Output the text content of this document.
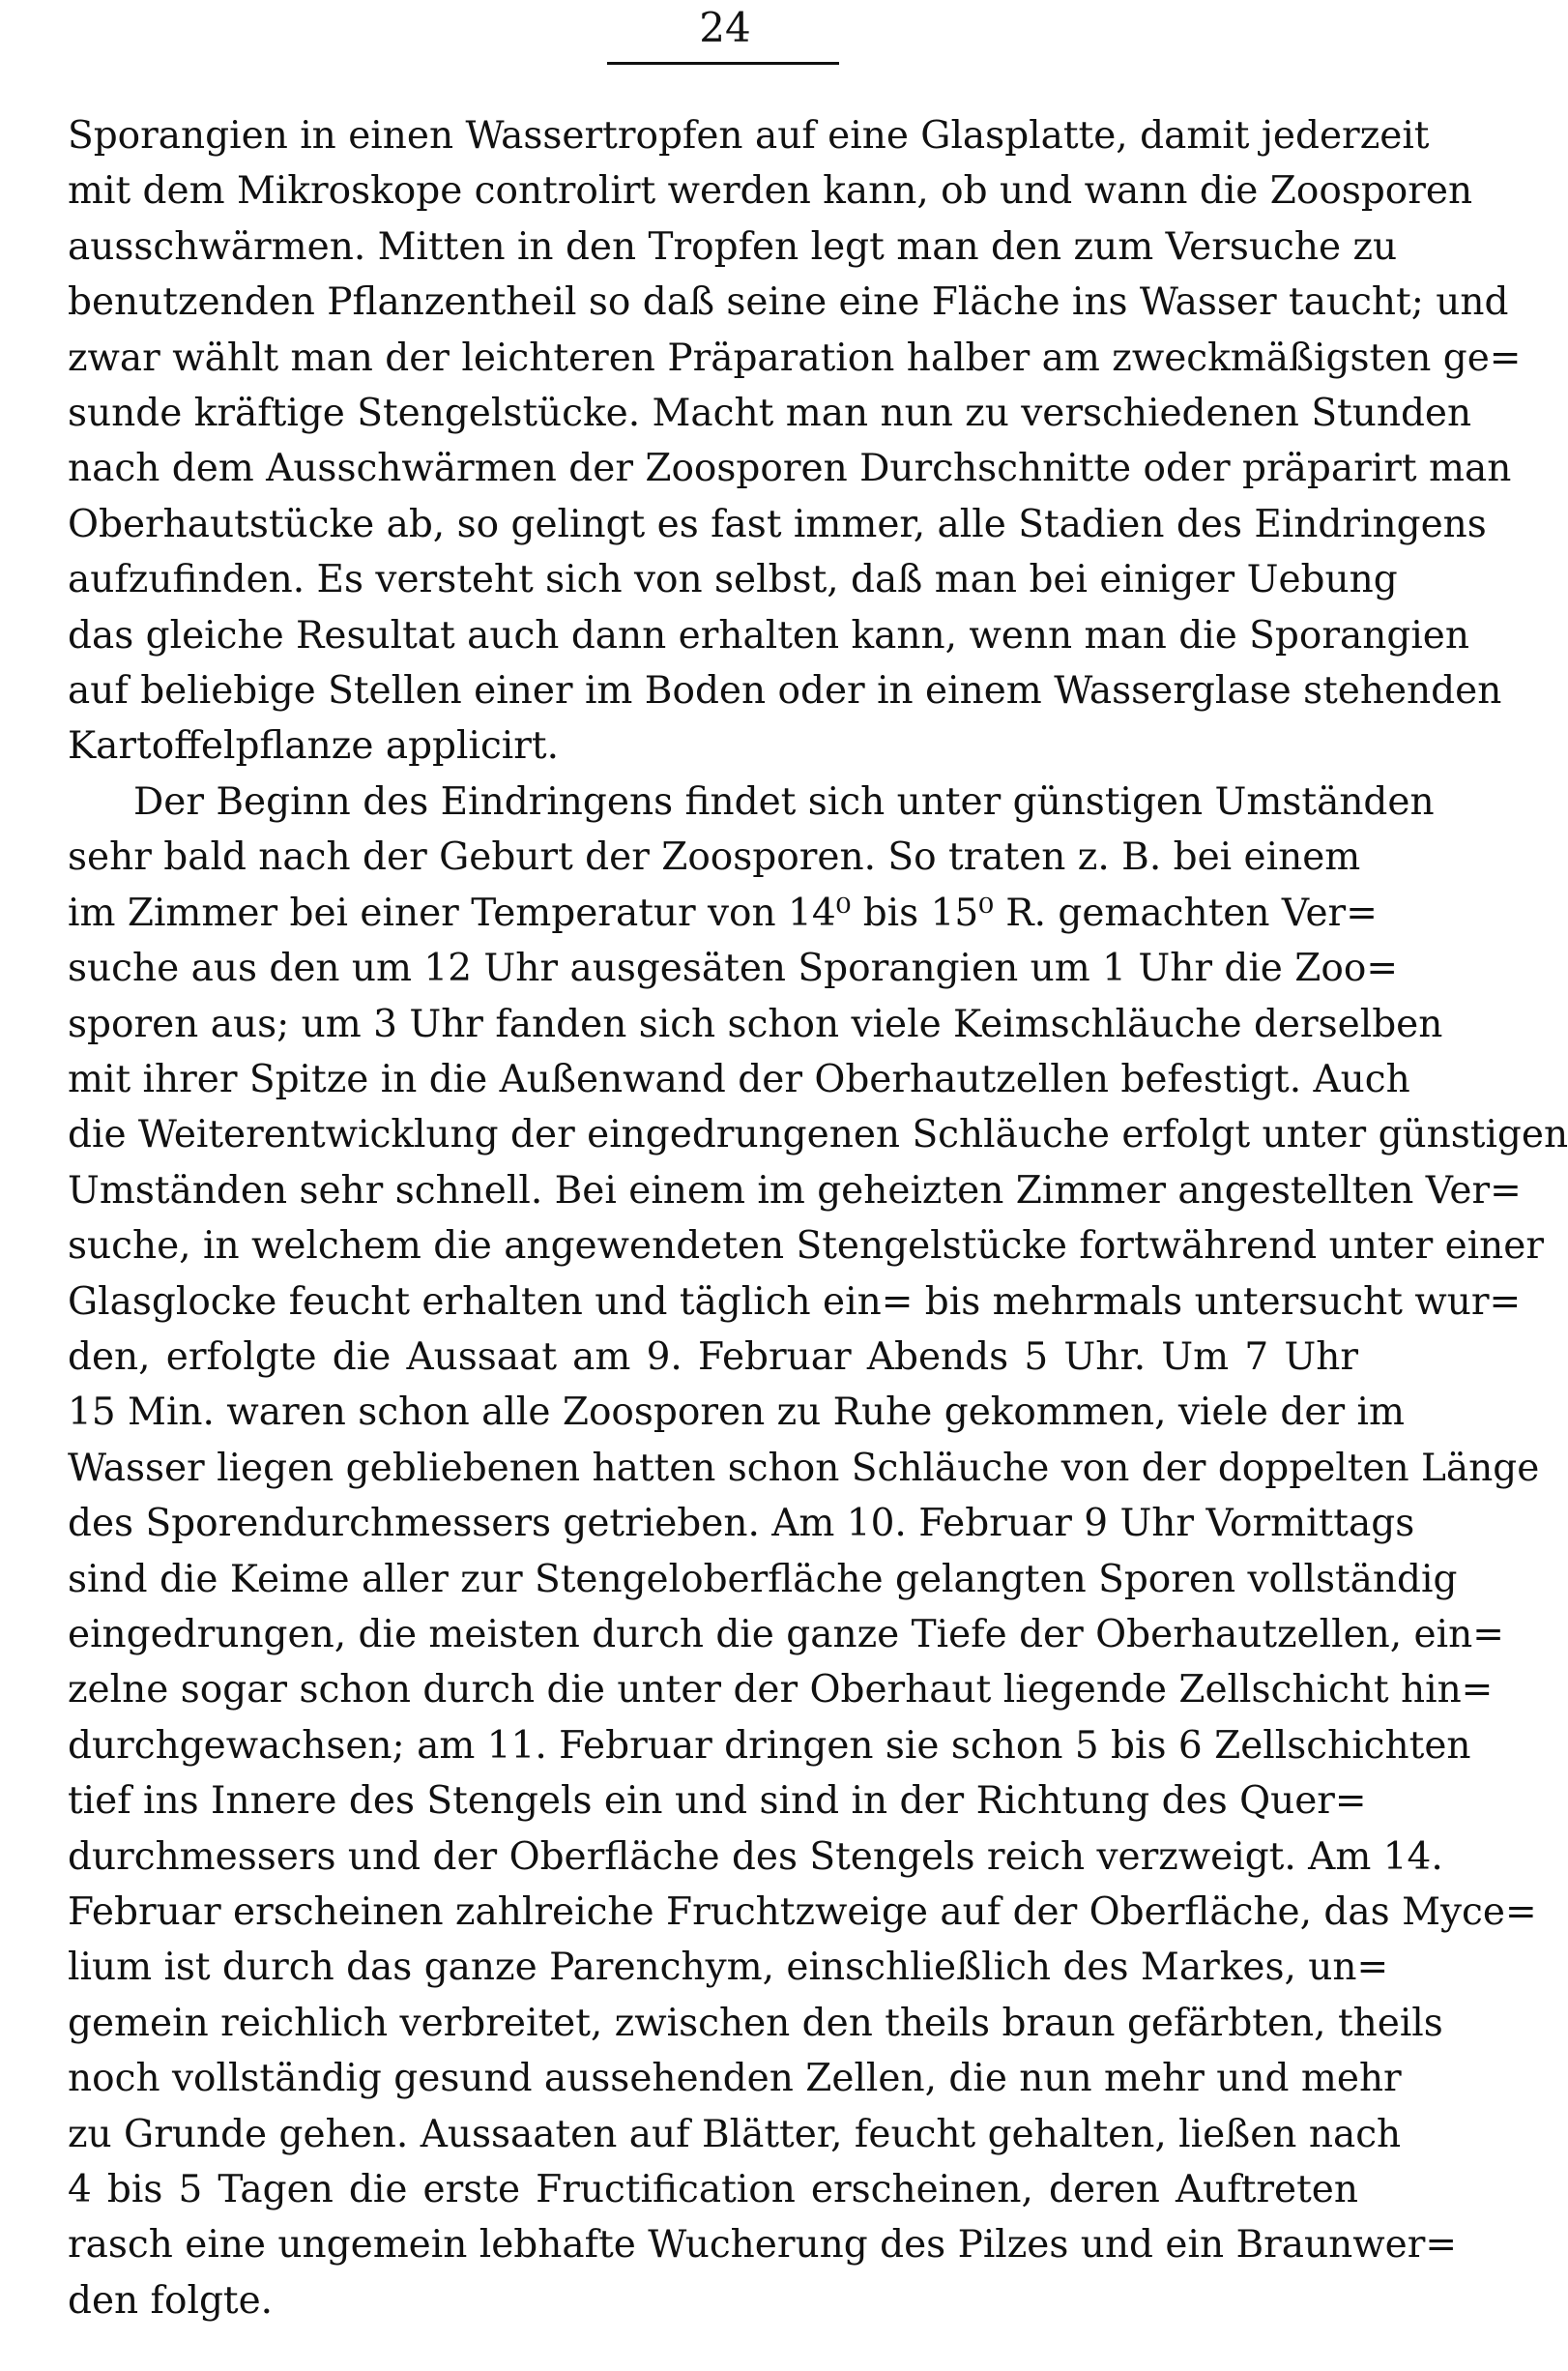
24
Sporangien in einen Wassertropfen auf eine Glasplatte, damit jederzeit
mit dem Mikroskope controlirt werden kann, ob und wann die Zoosporen
ausschwärmen. Mitten in den Tropfen legt man den zum Versuche zu
benutzenden Pflanzentheil so daß seine eine Fläche ins Wasser taucht; und
zwar wählt man der leichteren Präparation halber am zweckmäßigsten ge=
sunde kräftige Stengelstücke. Macht man nun zu verschiedenen Stunden
nach dem Ausschwärmen der Zoosporen Durchschnitte oder präparirt man
Oberhautstücke ab, so gelingt es fast immer, alle Stadien des Eindringens
aufzufinden. Es versteht sich von selbst, daß man bei einiger Uebung
das gleiche Resultat auch dann erhalten kann, wenn man die Sporangien
auf beliebige Stellen einer im Boden oder in einem Wasserglase stehenden
Kartoffelpflanze applicirt.
Der Beginn des Eindringens findet sich unter günstigen Umständen
sehr bald nach der Geburt der Zoosporen. So traten z. B. bei einem
im Zimmer bei einer Temperatur von 14⁰ bis 15⁰ R. gemachten Ver=
suche aus den um 12 Uhr ausgesäten Sporangien um 1 Uhr die Zoo=
sporen aus; um 3 Uhr fanden sich schon viele Keimschläuche derselben
mit ihrer Spitze in die Außenwand der Oberhautzellen befestigt. Auch
die Weiterentwicklung der eingedrungenen Schläuche erfolgt unter günstigen
Umständen sehr schnell. Bei einem im geheizten Zimmer angestellten Ver=
suche, in welchem die angewendeten Stengelstücke fortwährend unter einer
Glasglocke feucht erhalten und täglich ein= bis mehrmals untersucht wur=
den, erfolgte die Aussaat am 9. Februar Abends 5 Uhr. Um 7 Uhr
15 Min. waren schon alle Zoosporen zu Ruhe gekommen, viele der im
Wasser liegen gebliebenen hatten schon Schläuche von der doppelten Länge
des Sporendurchmessers getrieben. Am 10. Februar 9 Uhr Vormittags
sind die Keime aller zur Stengeloberfläche gelangten Sporen vollständig
eingedrungen, die meisten durch die ganze Tiefe der Oberhautzellen, ein=
zelne sogar schon durch die unter der Oberhaut liegende Zellschicht hin=
durchgewachsen; am 11. Februar dringen sie schon 5 bis 6 Zellschichten
tief ins Innere des Stengels ein und sind in der Richtung des Quer=
durchmessers und der Oberfläche des Stengels reich verzweigt. Am 14.
Februar erscheinen zahlreiche Fruchtzweige auf der Oberfläche, das Myce=
lium ist durch das ganze Parenchym, einschließlich des Markes, un=
gemein reichlich verbreitet, zwischen den theils braun gefärbten, theils
noch vollständig gesund aussehenden Zellen, die nun mehr und mehr
zu Grunde gehen. Aussaaten auf Blätter, feucht gehalten, ließen nach
4 bis 5 Tagen die erste Fructification erscheinen, deren Auftreten
rasch eine ungemein lebhafte Wucherung des Pilzes und ein Braunwer=
den folgte.
